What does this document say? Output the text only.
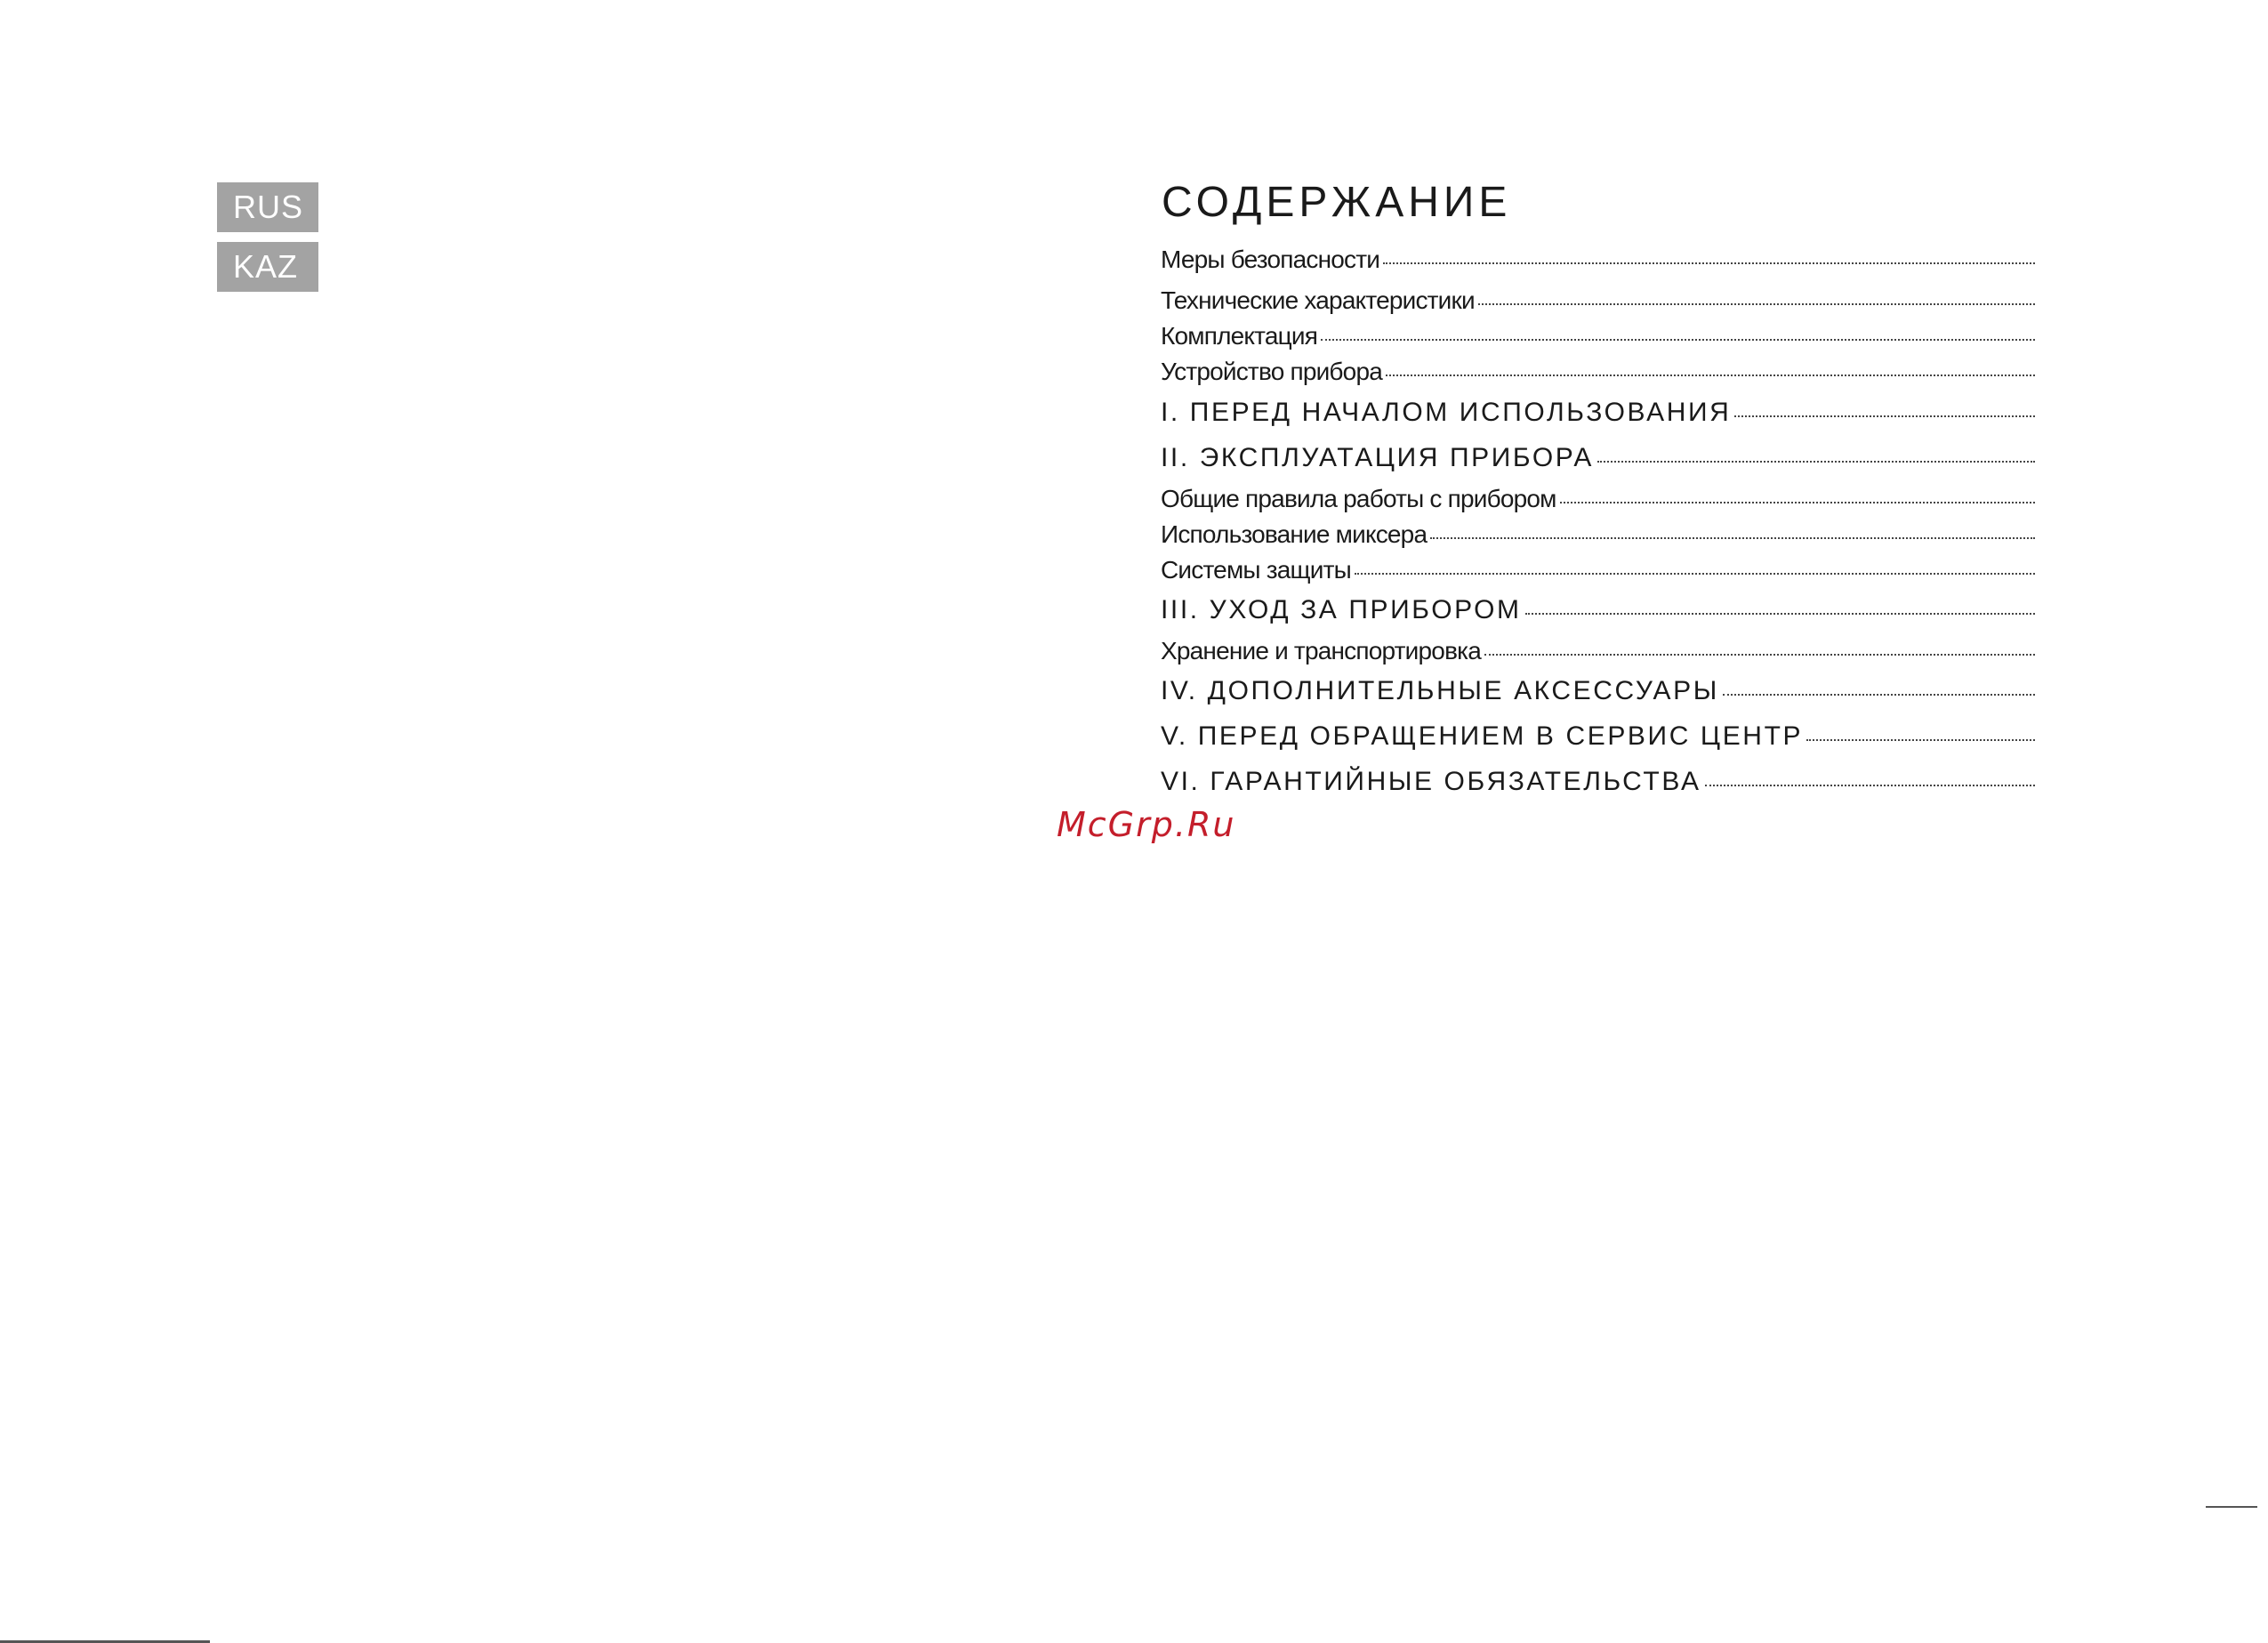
RUS
KAZ
СОДЕРЖАНИЕ
Меры безопасности
Технические характеристики
Комплектация
Устройство прибора
I. ПЕРЕД НАЧАЛОМ ИСПОЛЬЗОВАНИЯ
II. ЭКСПЛУАТАЦИЯ ПРИБОРА
Общие правила работы с прибором
Использование миксера
Системы защиты
III. УХОД ЗА ПРИБОРОМ
Хранение и транспортировка
IV. ДОПОЛНИТЕЛЬНЫЕ АКСЕССУАРЫ
V. ПЕРЕД ОБРАЩЕНИЕМ В СЕРВИС ЦЕНТР
VI. ГАРАНТИЙНЫЕ ОБЯЗАТЕЛЬСТВА
McGrp.Ru
